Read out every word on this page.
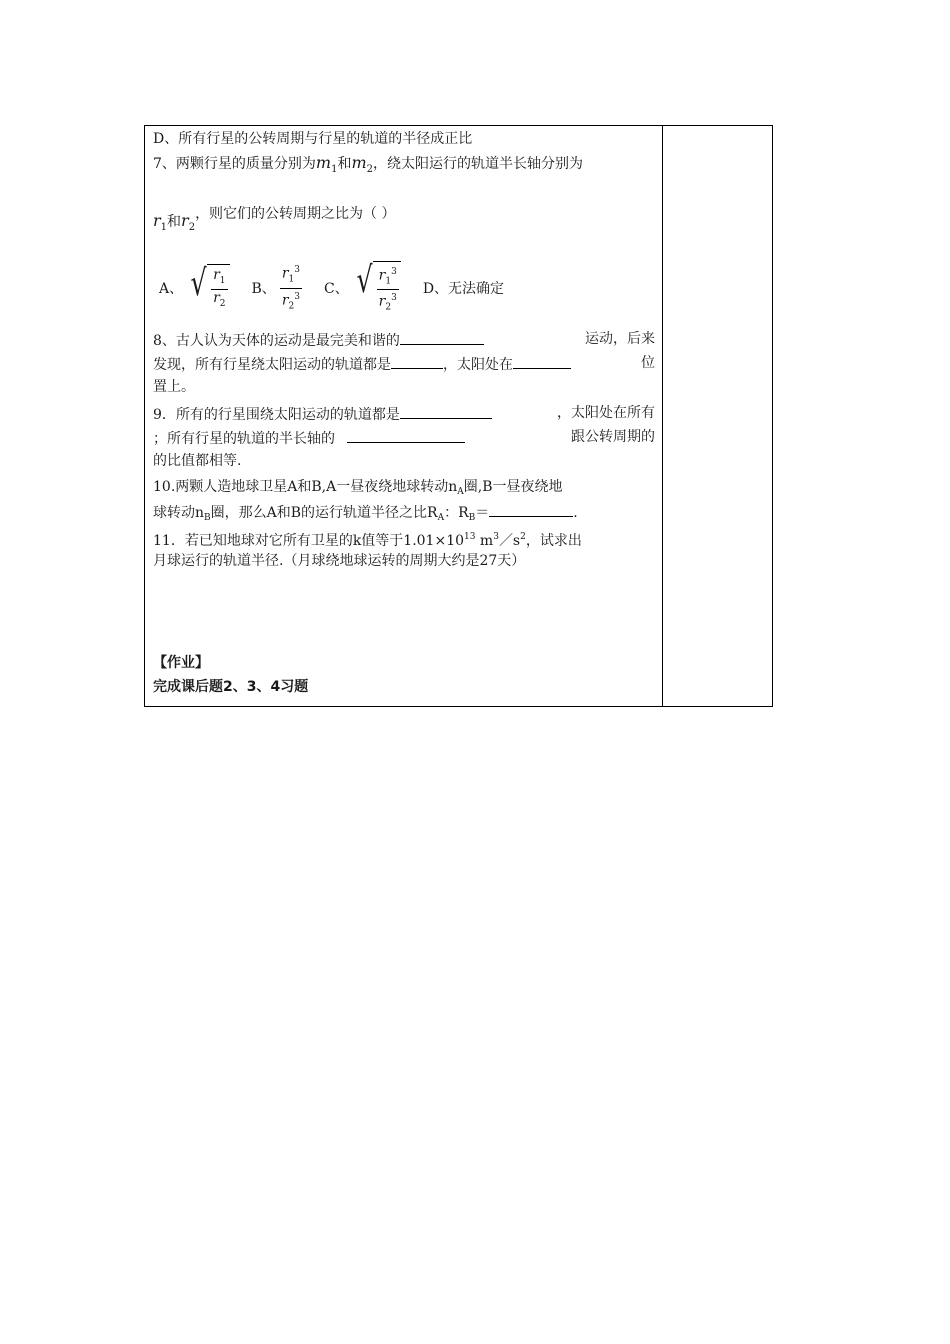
D、所有行星的公转周期与行星的轨道的半径成正比
7、两颗行星的质量分别为$m_1$和$m_2$，绕太阳运行的轨道半长轴分别为
$r_1$和$r_2$，则它们的公转周期之比为（ ）
A、 √ $\frac{r_1}{r_2}$ B、 $\frac{r_1^3}{r_2^3}$ C、 √ $\frac{r_1^3}{r_2^3}$ D、无法确定
8、古人认为天体的运动是最完美和谐的	运动，后来
发现，所有行星绕太阳运动的轨道都是	，太阳处在	位
置上。
9．所有的行星围绕太阳运动的轨道都是	，太阳处在所有
；所有行星的轨道的半长轴的	跟公转周期的
的比值都相等.
10.两颗人造地球卫星A和B,A一昼夜绕地球转动$n_A$圈,B一昼夜绕地
球转动$n_B$圈，那么A和B的运行轨道半径之比$R_A$：$R_B=$	.
11．若已知地球对它所有卫星的k值等于$1.01\times 10^{13}$ $m^3/s^2$，试求出
月球运行的轨道半径.（月球绕地球运转的周期大约是27天）
【作业】
完成课后题2、3、4习题
